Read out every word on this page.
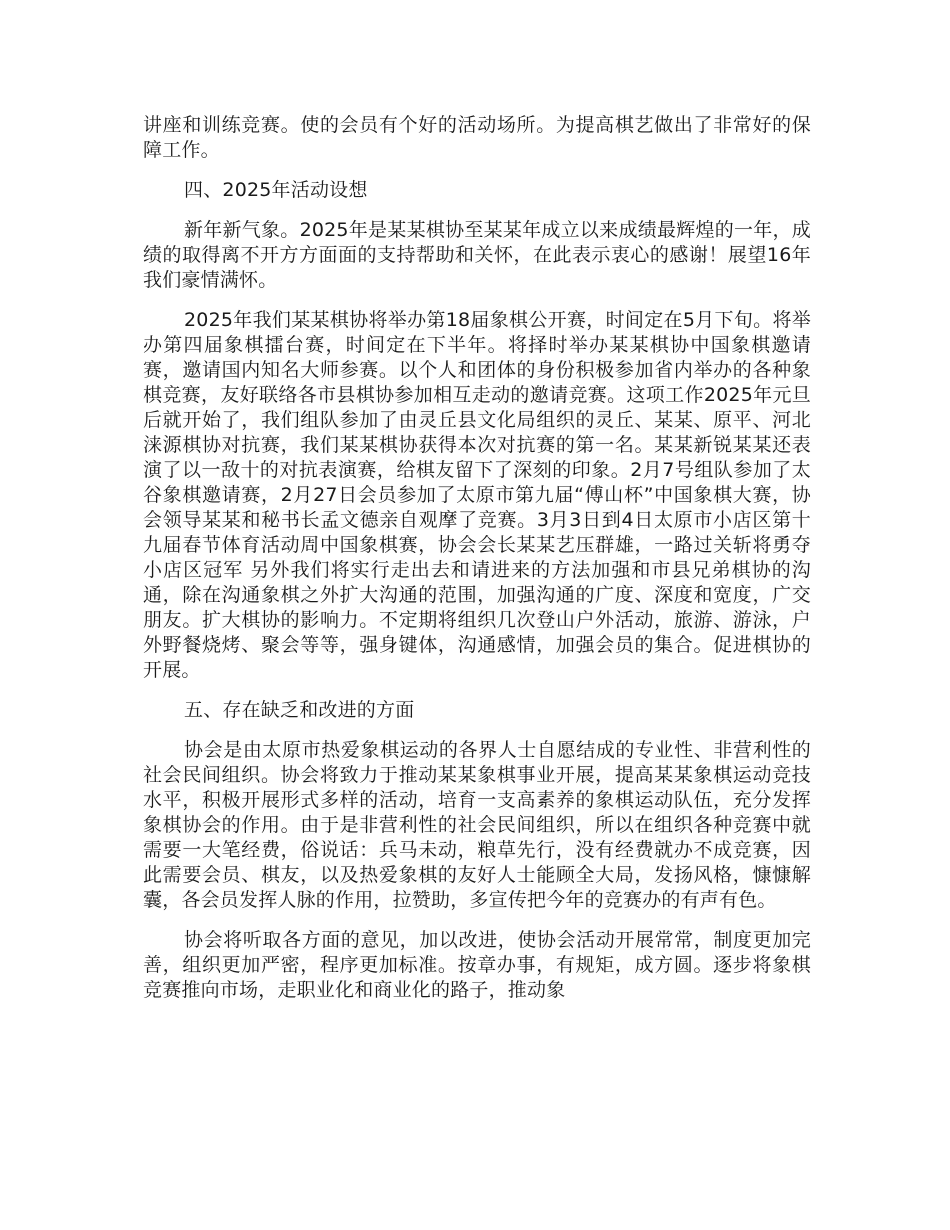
讲座和训练竞赛。使的会员有个好的活动场所。为提高棋艺做出了非常好的保障工作。

四、2025年活动设想

新年新气象。2025年是某某棋协至某某年成立以来成绩最辉煌的一年，成绩的取得离不开方方面面的支持帮助和关怀，在此表示衷心的感谢！展望16年我们豪情满怀。

2025年我们某某棋协将举办第18届象棋公开赛，时间定在5月下旬。将举办第四届象棋擂台赛，时间定在下半年。将择时举办某某棋协中国象棋邀请赛，邀请国内知名大师参赛。以个人和团体的身份积极参加省内举办的各种象棋竞赛，友好联络各市县棋协参加相互走动的邀请竞赛。这项工作2025年元旦后就开始了，我们组队参加了由灵丘县文化局组织的灵丘、某某、原平、河北涞源棋协对抗赛，我们某某棋协获得本次对抗赛的第一名。某某新锐某某还表演了以一敌十的对抗表演赛，给棋友留下了深刻的印象。2月7号组队参加了太谷象棋邀请赛，2月27日会员参加了太原市第九届“傅山杯”中国象棋大赛，协会领导某某和秘书长孟文德亲自观摩了竞赛。3月3日到4日太原市小店区第十九届春节体育活动周中国象棋赛，协会会长某某艺压群雄，一路过关斩将勇夺小店区冠军 另外我们将实行走出去和请进来的方法加强和市县兄弟棋协的沟通，除在沟通象棋之外扩大沟通的范围，加强沟通的广度、深度和宽度，广交朋友。扩大棋协的影响力。不定期将组织几次登山户外活动，旅游、游泳，户外野餐烧烤、聚会等等，强身键体，沟通感情，加强会员的集合。促进棋协的开展。

五、存在缺乏和改进的方面

协会是由太原市热爱象棋运动的各界人士自愿结成的专业性、非营利性的社会民间组织。协会将致力于推动某某象棋事业开展，提高某某象棋运动竞技水平，积极开展形式多样的活动，培育一支高素养的象棋运动队伍，充分发挥象棋协会的作用。由于是非营利性的社会民间组织，所以在组织各种竞赛中就需要一大笔经费，俗说话：兵马未动，粮草先行，没有经费就办不成竞赛，因此需要会员、棋友，以及热爱象棋的友好人士能顾全大局，发扬风格，慷慷解囊，各会员发挥人脉的作用，拉赞助，多宣传把今年的竞赛办的有声有色。

协会将听取各方面的意见，加以改进，使协会活动开展常常，制度更加完善，组织更加严密，程序更加标准。按章办事，有规矩，成方圆。逐步将象棋竞赛推向市场，走职业化和商业化的路子，推动象
